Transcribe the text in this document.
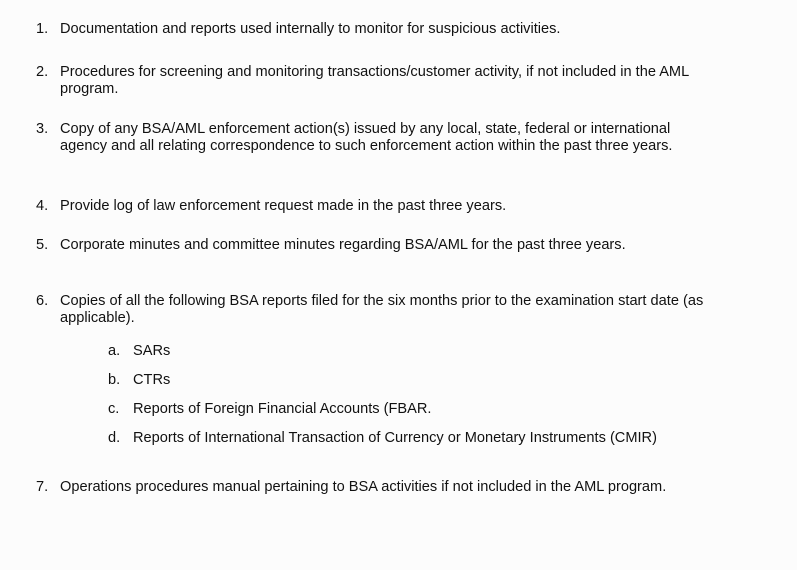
1. Documentation and reports used internally to monitor for suspicious activities.
2. Procedures for screening and monitoring transactions/customer activity, if not included in the AML program.
3. Copy of any BSA/AML enforcement action(s) issued by any local, state, federal or international agency and all relating correspondence to such enforcement action within the past three years.
4. Provide log of law enforcement request made in the past three years.
5. Corporate minutes and committee minutes regarding BSA/AML for the past three years.
6. Copies of all the following BSA reports filed for the six months prior to the examination start date (as applicable).
a. SARs
b. CTRs
c. Reports of Foreign Financial Accounts (FBAR.
d. Reports of International Transaction of Currency or Monetary Instruments (CMIR)
7. Operations procedures manual pertaining to BSA activities if not included in the AML program.
